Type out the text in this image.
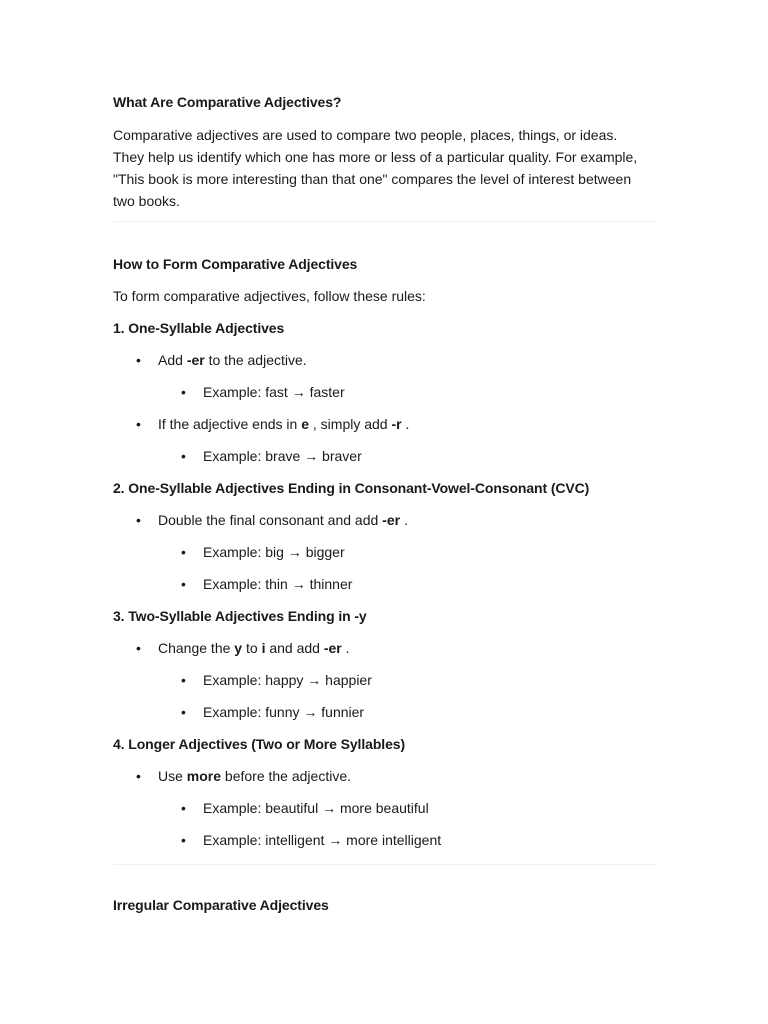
What Are Comparative Adjectives?
Comparative adjectives are used to compare two people, places, things, or ideas. They help us identify which one has more or less of a particular quality. For example, "This book is more interesting than that one" compares the level of interest between two books.
How to Form Comparative Adjectives
To form comparative adjectives, follow these rules:
1. One-Syllable Adjectives
• Add -er to the adjective.
• Example: fast → faster
• If the adjective ends in e , simply add -r .
• Example: brave → braver
2. One-Syllable Adjectives Ending in Consonant-Vowel-Consonant (CVC)
• Double the final consonant and add -er .
• Example: big → bigger
• Example: thin → thinner
3. Two-Syllable Adjectives Ending in -y
• Change the y to i and add -er .
• Example: happy → happier
• Example: funny → funnier
4. Longer Adjectives (Two or More Syllables)
• Use more before the adjective.
• Example: beautiful → more beautiful
• Example: intelligent → more intelligent
Irregular Comparative Adjectives
